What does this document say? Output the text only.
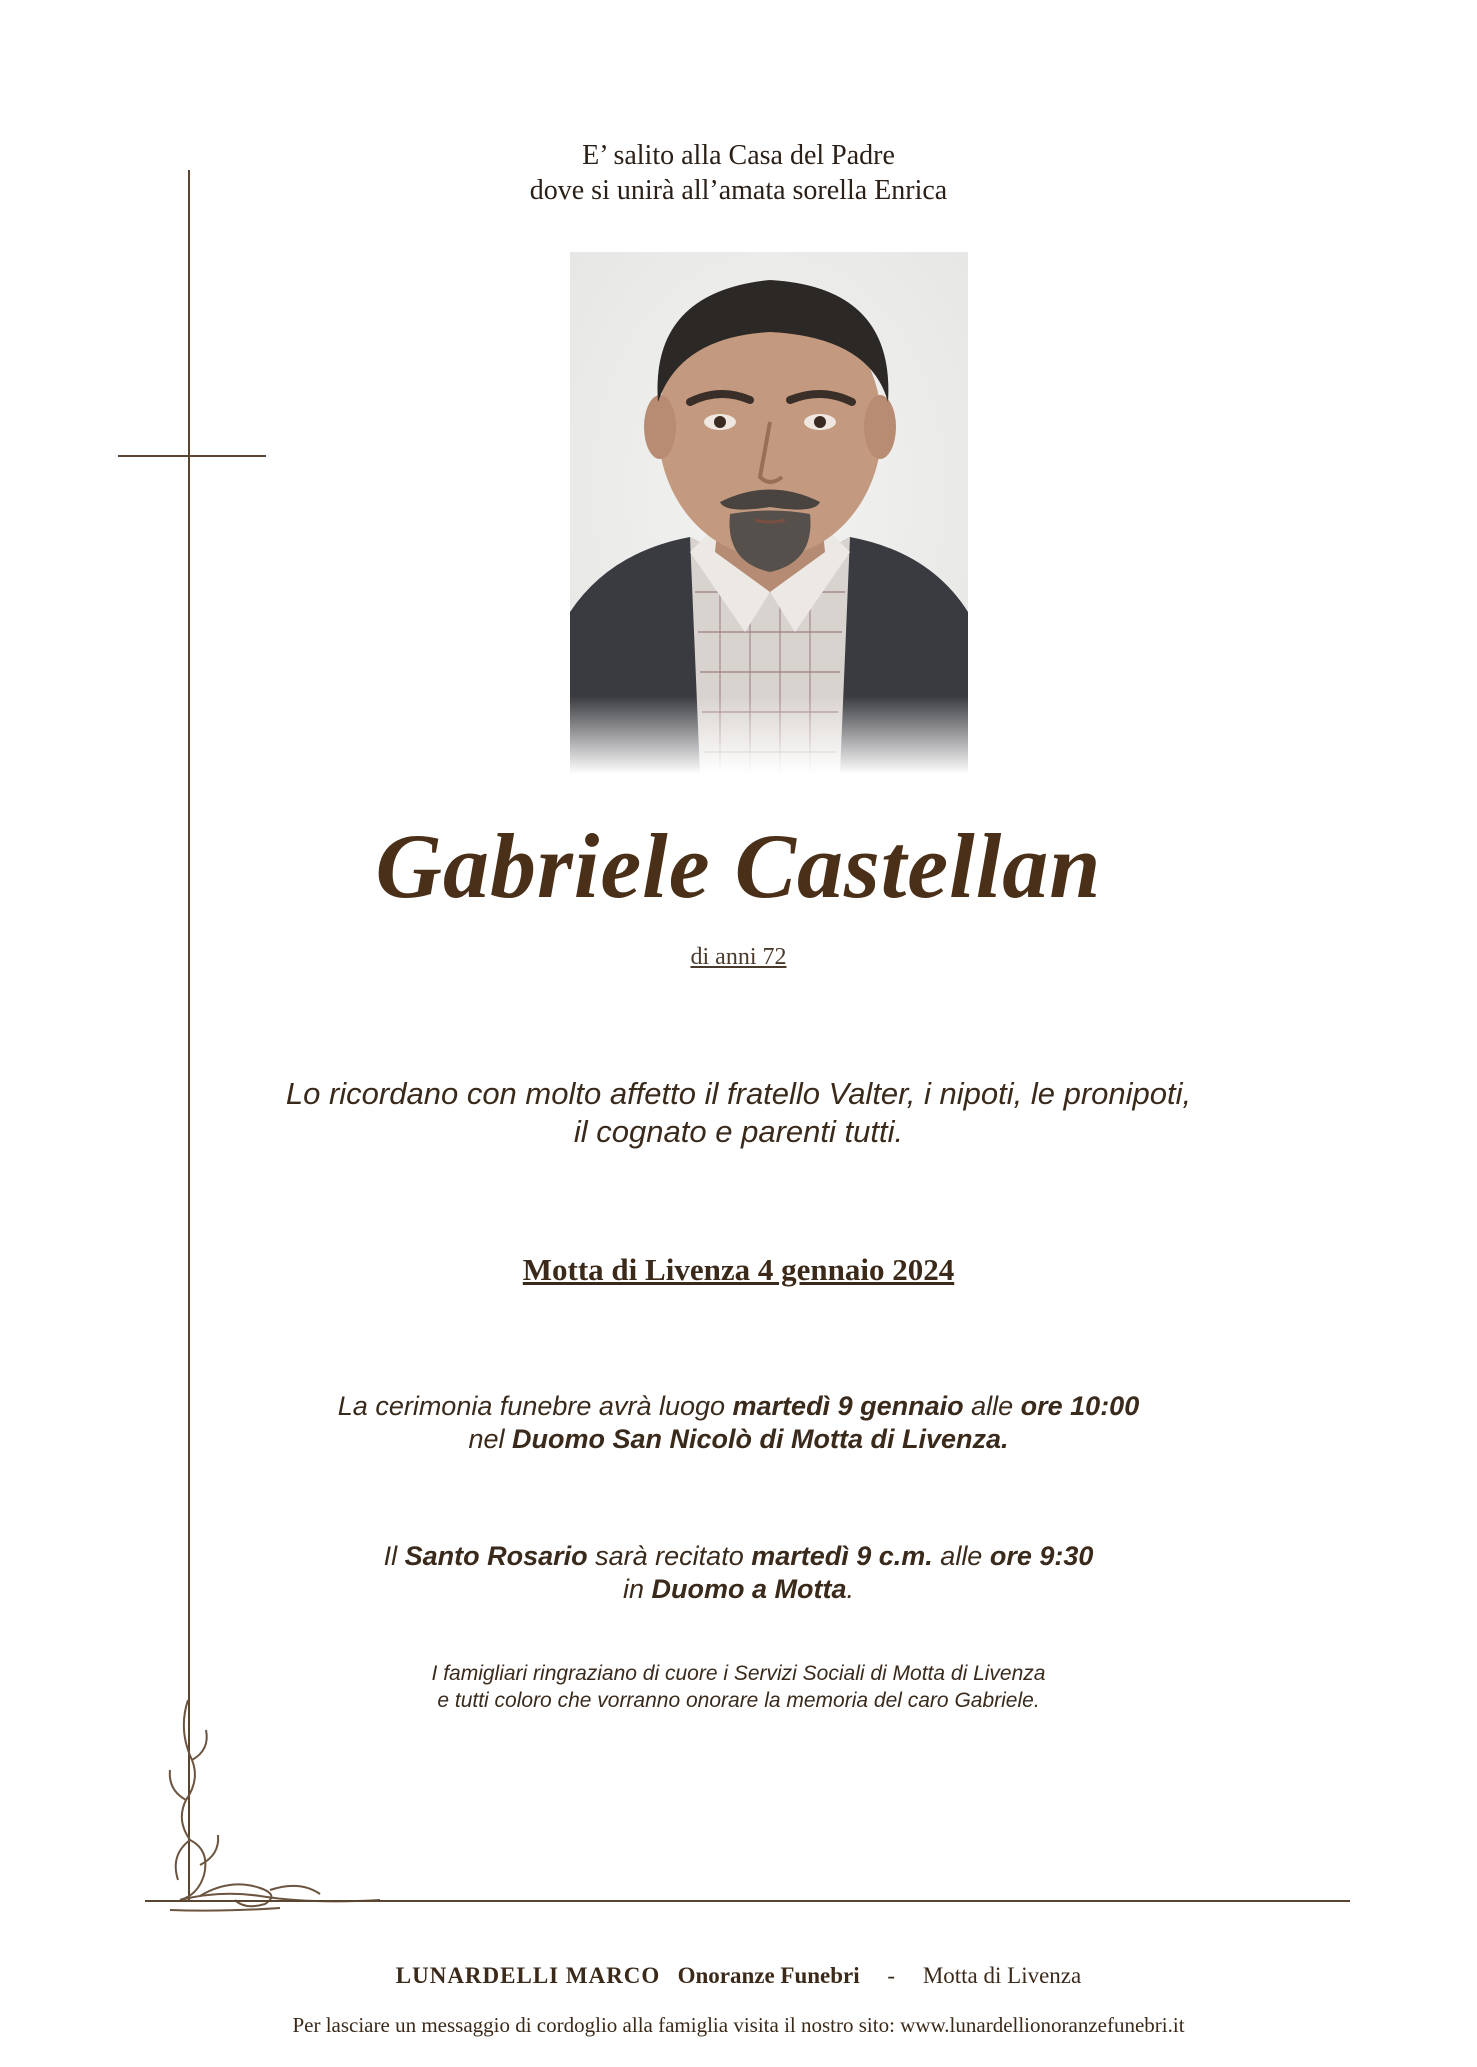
E’ salito alla Casa del Padre
dove si unirà all’amata sorella Enrica
Gabriele Castellan
di anni 72
Lo ricordano con molto affetto il fratello Valter, i nipoti, le pronipoti,
il cognato e parenti tutti.
Motta di Livenza 4 gennaio 2024
La cerimonia funebre avrà luogo martedì 9 gennaio alle ore 10:00
nel Duomo San Nicolò di Motta di Livenza.
Il Santo Rosario sarà recitato martedì 9 c.m. alle ore 9:30
in Duomo a Motta.
I famigliari ringraziano di cuore i Servizi Sociali di Motta di Livenza
e tutti coloro che vorranno onorare la memoria del caro Gabriele.
LUNARDELLI MARCO Onoranze Funebri - Motta di Livenza
Per lasciare un messaggio di cordoglio alla famiglia visita il nostro sito: www.lunardellionoranzefunebri.it
